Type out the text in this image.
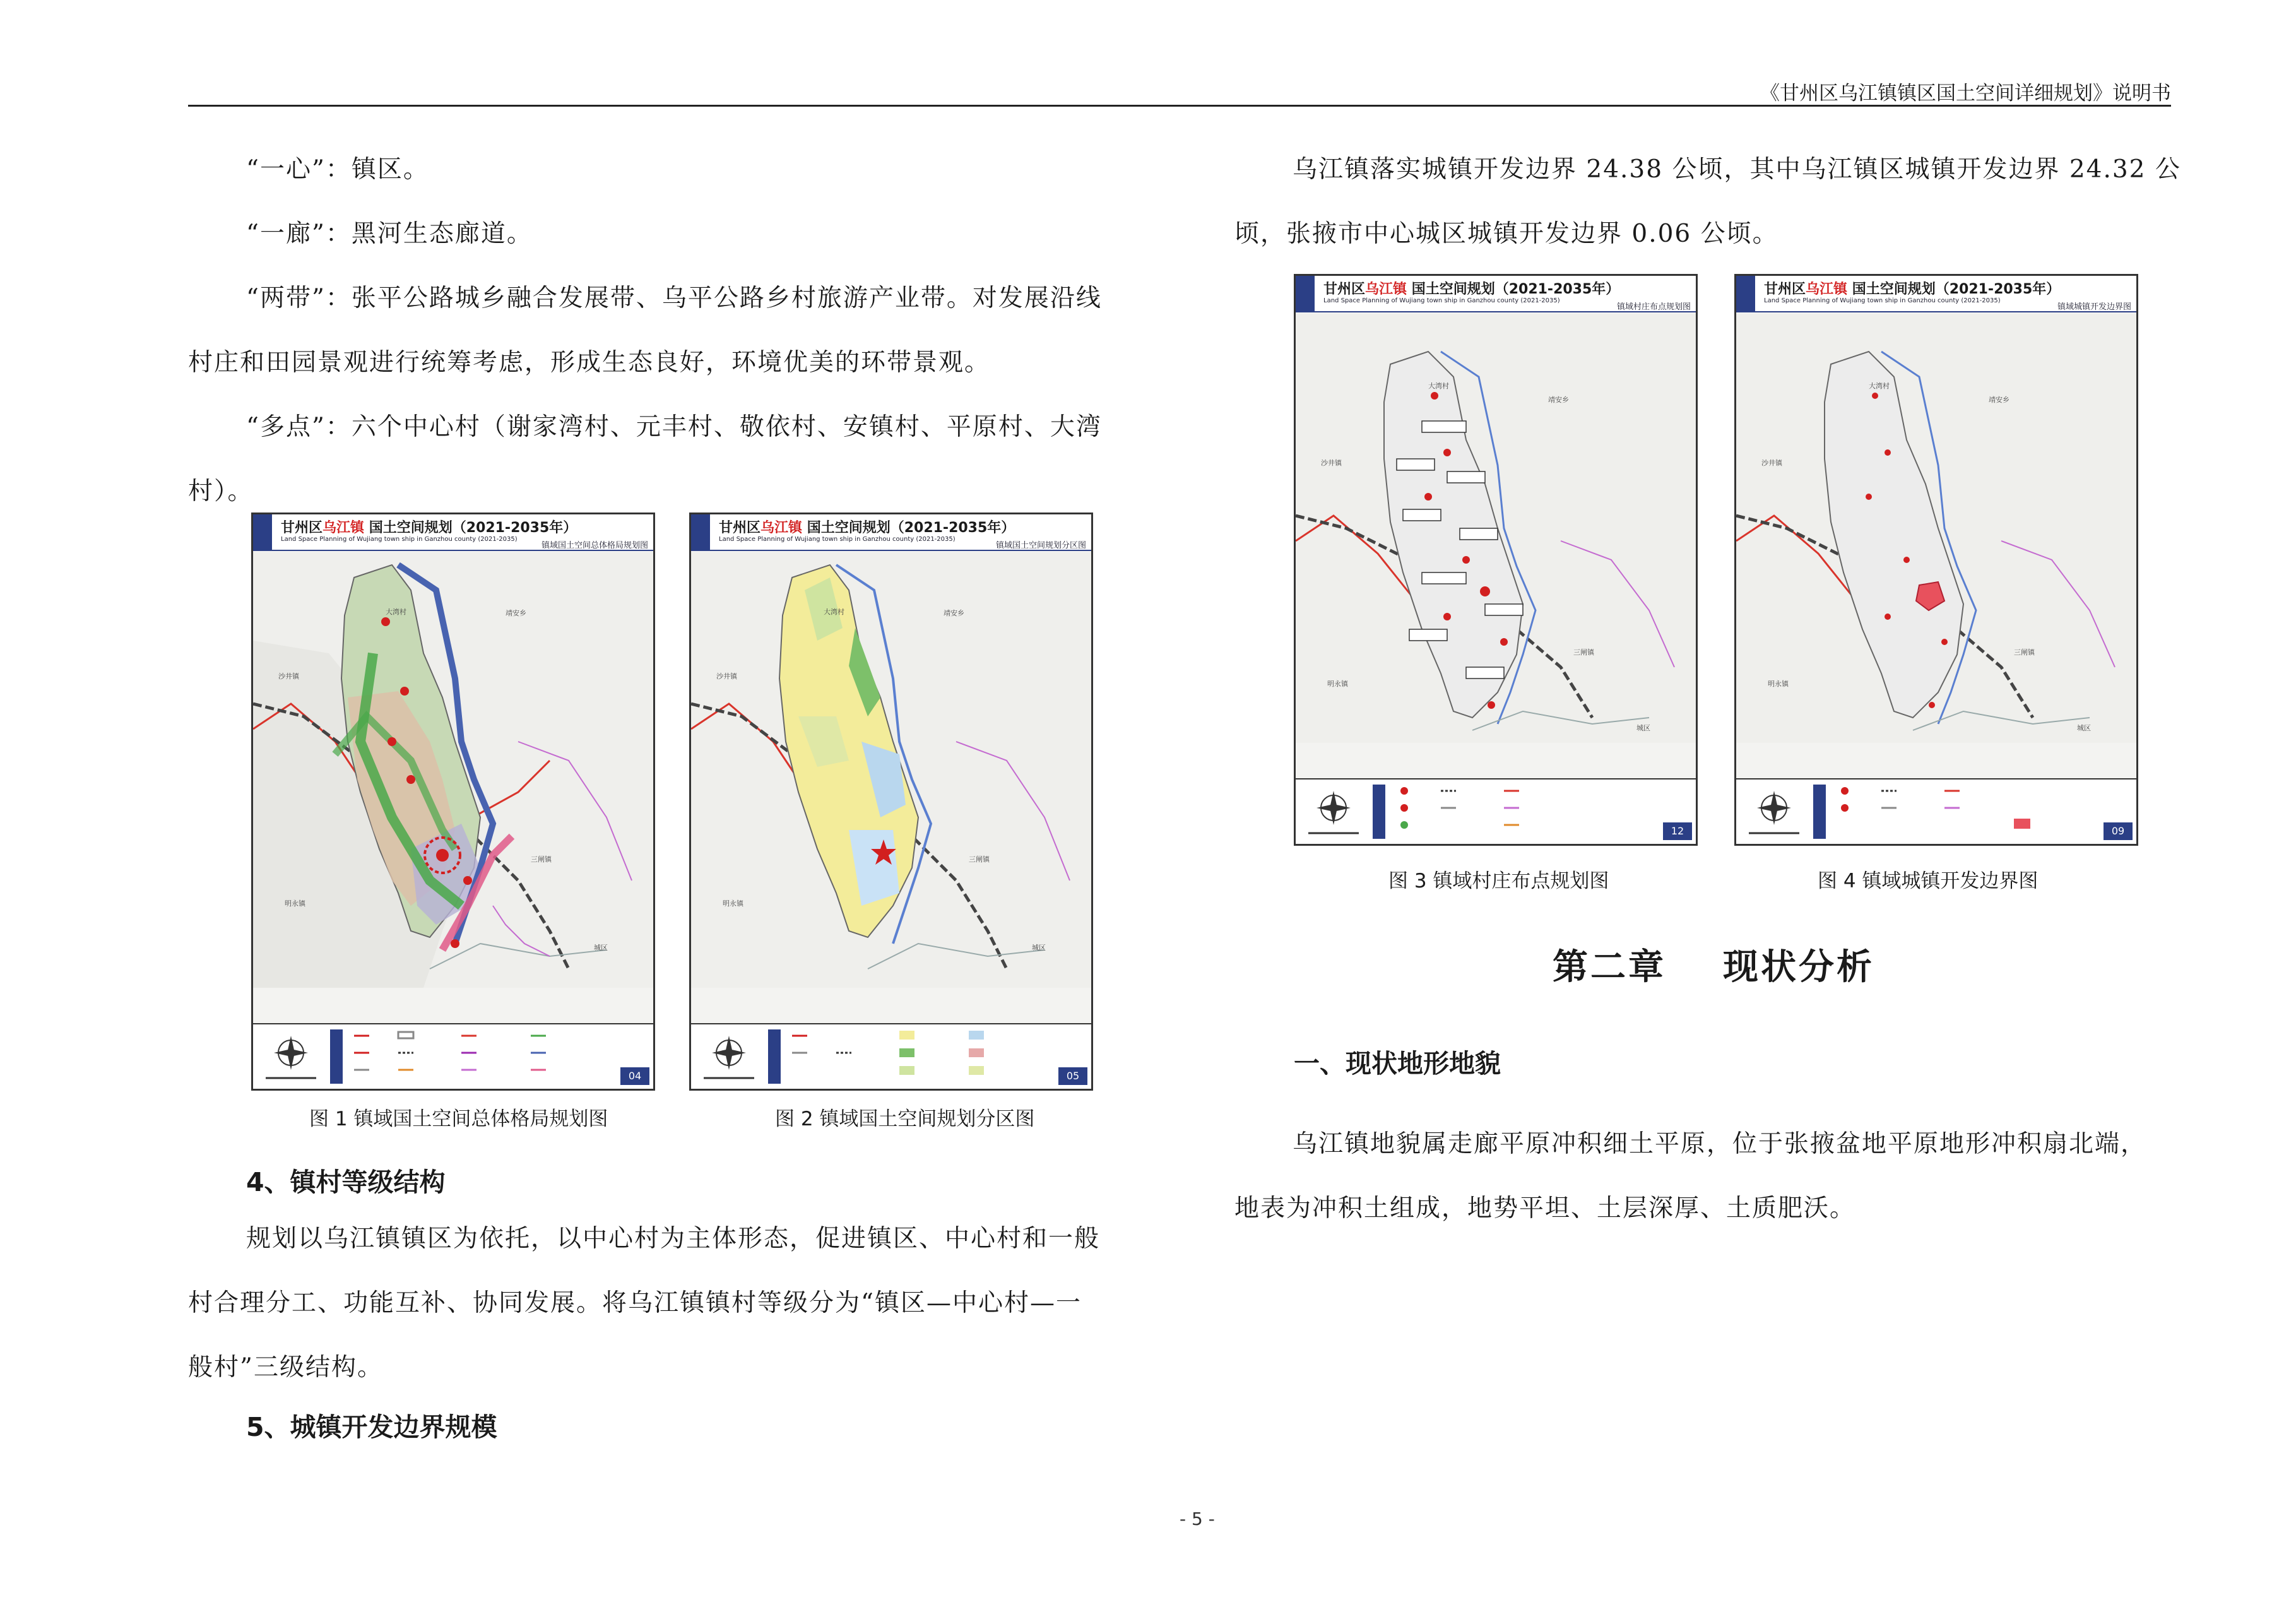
《甘州区乌江镇镇区国土空间详细规划》说明书
“一心”：镇区。
“一廊”：黑河生态廊道。
“两带”：张平公路城乡融合发展带、乌平公路乡村旅游产业带。对发展沿线
村庄和田园景观进行统筹考虑，形成生态良好，环境优美的环带景观。
“多点”：六个中心村（谢家湾村、元丰村、敬依村、安镇村、平原村、大湾
村）。
甘州区乌江镇 国土空间规划（2021-2035年）
Land Space Planning of Wujiang town ship in Ganzhou county (2021-2035)
镇域国土空间总体格局规划图
大湾村
沙井镇
三闸镇
靖安乡
明永镇
城区
04
甘州区乌江镇 国土空间规划（2021-2035年）
Land Space Planning of Wujiang town ship in Ganzhou county (2021-2035)
镇域国土空间规划分区图
大湾村
沙井镇
三闸镇
靖安乡
明永镇
城区
05
图 1 镇域国土空间总体格局规划图	图 2 镇域国土空间规划分区图
4、镇村等级结构
规划以乌江镇镇区为依托，以中心村为主体形态，促进镇区、中心村和一般
村合理分工、功能互补、协同发展。将乌江镇镇村等级分为“镇区—中心村—一
般村”三级结构。
5、城镇开发边界规模
乌江镇落实城镇开发边界 24.38 公顷，其中乌江镇区城镇开发边界 24.32 公
顷，张掖市中心城区城镇开发边界 0.06 公顷。
甘州区乌江镇 国土空间规划（2021-2035年）
Land Space Planning of Wujiang town ship in Ganzhou county (2021-2035)
镇域村庄布点规划图
大湾村
沙井镇
三闸镇
靖安乡
明永镇
城区
12
甘州区乌江镇 国土空间规划（2021-2035年）
Land Space Planning of Wujiang town ship in Ganzhou county (2021-2035)
镇域城镇开发边界图
大湾村
沙井镇
三闸镇
靖安乡
明永镇
城区
09
图 3 镇域村庄布点规划图	图 4 镇域城镇开发边界图
第二章 现状分析
一、现状地形地貌
乌江镇地貌属走廊平原冲积细土平原，位于张掖盆地平原地形冲积扇北端，
地表为冲积土组成，地势平坦、土层深厚、土质肥沃。
- 5 -
